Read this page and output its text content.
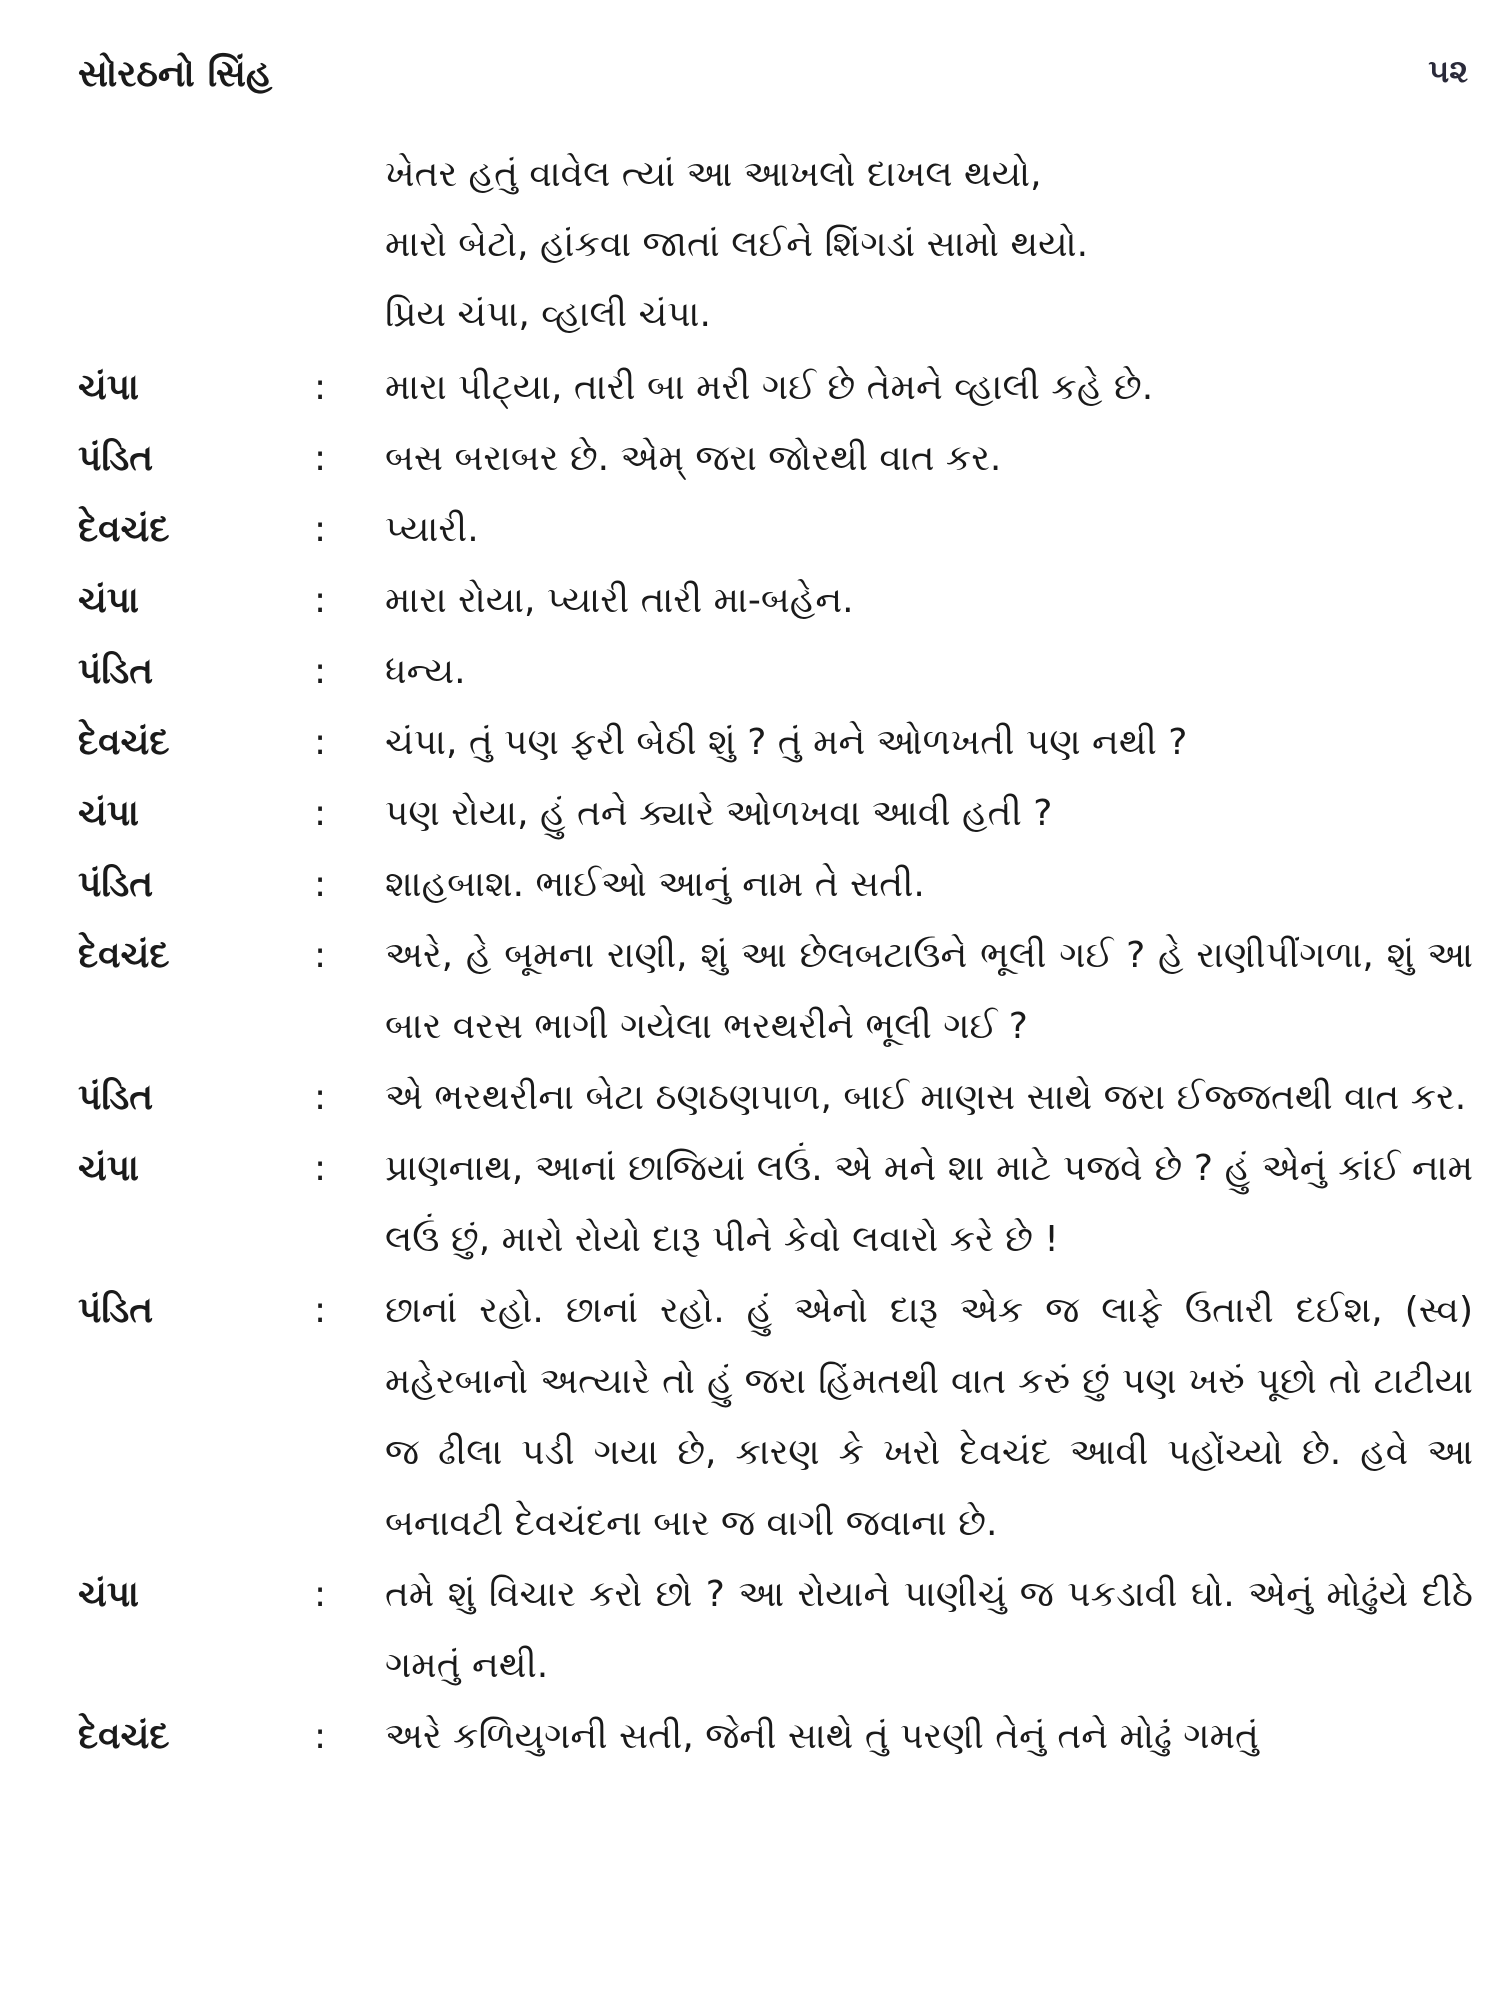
સોરઠનો સિંહ	૫૨
ખેતર હતું વાવેલ ત્યાં આ આખલો દાખલ થયો,
મારો બેટો, હાંકવા જાતાં લઈને શિંગડાં સામો થયો.
પ્રિય ચંપા, વ્હાલી ચંપા.
ચંપા	: મારા પીટ્યા, તારી બા મરી ગઈ છે તેમને વ્હાલી કહે છે.
પંડિત	: બસ બરાબર છે. એમ્ જરા જોરથી વાત કર.
દેવચંદ	: પ્યારી.
ચંપા	: મારા રોયા, પ્યારી તારી મા-બહેન.
પંડિત	: ધન્ય.
દેવચંદ	: ચંપા, તું પણ ફરી બેઠી શું ? તું મને ઓળખતી પણ નથી ?
ચંપા	: પણ રોયા, હું તને ક્યારે ઓળખવા આવી હતી ?
પંડિત	: શાહબાશ. ભાઈઓ આનું નામ તે સતી.
દેવચંદ	: અરે, હે બૂમના રાણી, શું આ છેલબટાઉને ભૂલી ગઈ ? હે રાણીપીંગળા, શું આ બાર વરસ ભાગી ગયેલા ભરથરીને ભૂલી ગઈ ?
પંડિત	: એ ભરથરીના બેટા ઠણઠણપાળ, બાઈ માણસ સાથે જરા ઈજ્જતથી વાત કર.
ચંપા	: પ્રાણનાથ, આનાં છાજિયાં લઉં. એ મને શા માટે પજવે છે ? હું એનું કાંઈ નામ લઉં છું, મારો રોયો દારૂ પીને કેવો લવારો કરે છે !
પંડિત	: છાનાં રહો. છાનાં રહો. હું એનો દારૂ એક જ લાફે ઉતારી દઈશ, (સ્વ) મહેરબાનો અત્યારે તો હું જરા હિંમતથી વાત કરું છું પણ ખરું પૂછો તો ટાટીયા જ ઢીલા પડી ગયા છે, કારણ કે ખરો દેવચંદ આવી પહોંચ્યો છે. હવે આ બનાવટી દેવચંદના બાર જ વાગી જવાના છે.
ચંપા	: તમે શું વિચાર કરો છો ? આ રોયાને પાણીચું જ પકડાવી ઘો. એનું મોઢુંયે દીઠે ગમતું નથી.
દેવચંદ	: અરે કળિયુગની સતી, જેની સાથે તું પરણી તેનું તને મોઢું ગમતું
